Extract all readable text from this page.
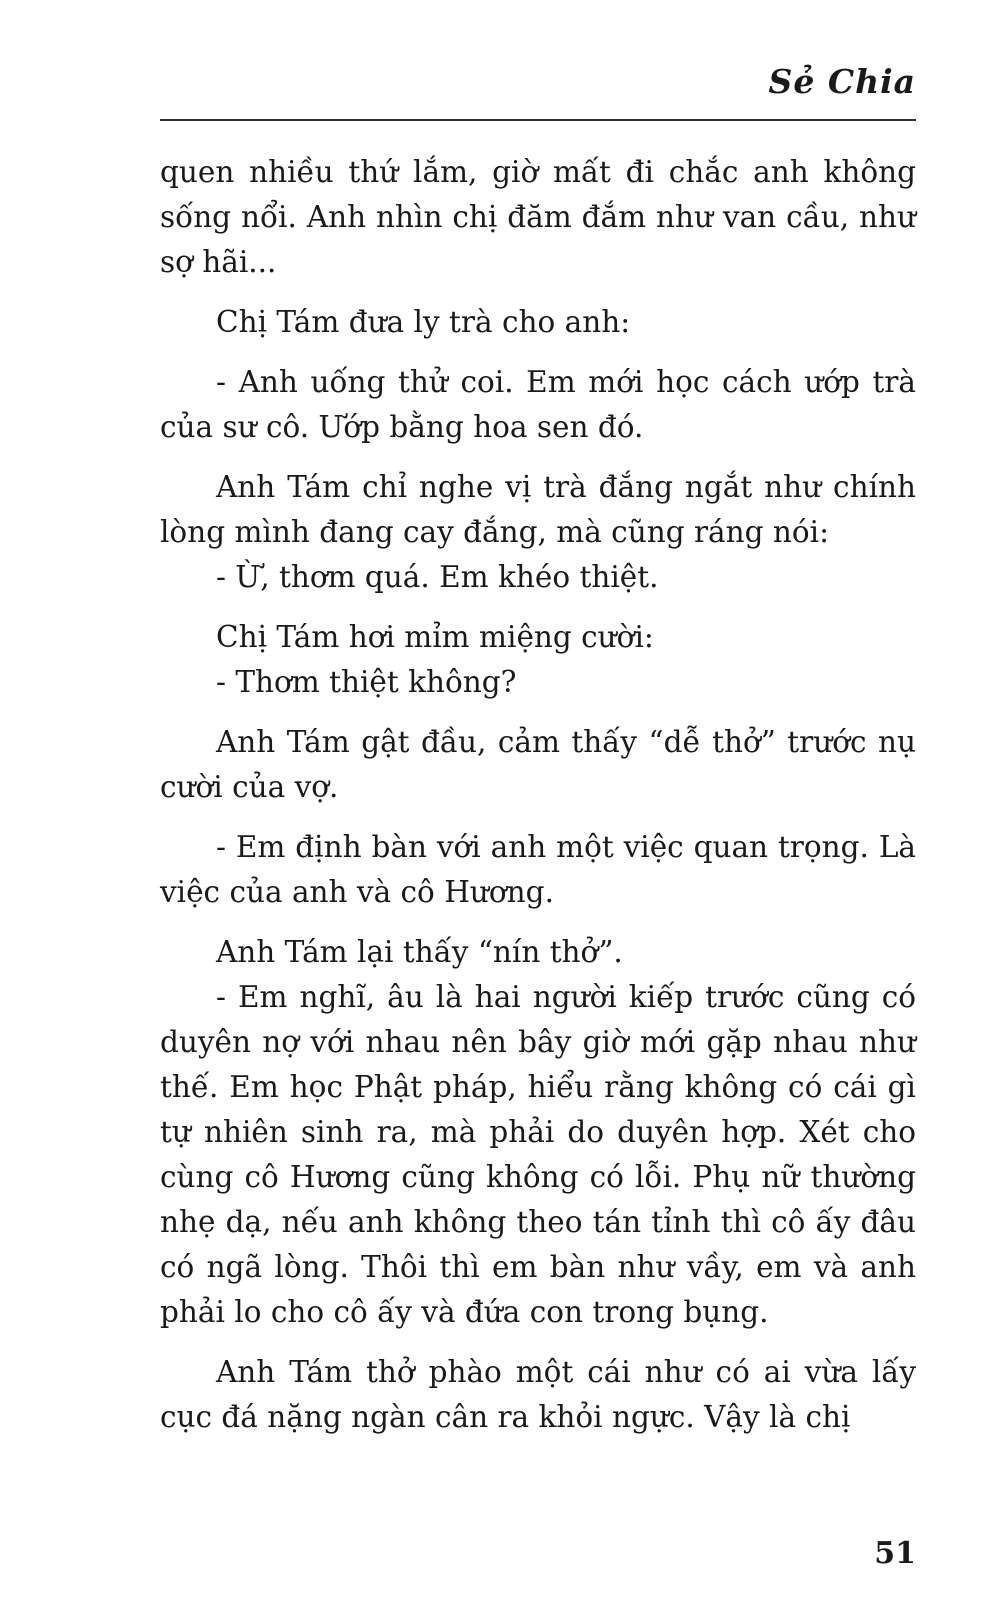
Sẻ Chia

quen nhiều thứ lắm, giờ mất đi chắc anh không sống nổi. Anh nhìn chị đăm đắm như van cầu, như sợ hãi...

Chị Tám đưa ly trà cho anh:

- Anh uống thử coi. Em mới học cách ướp trà của sư cô. Ướp bằng hoa sen đó.

Anh Tám chỉ nghe vị trà đắng ngắt như chính lòng mình đang cay đắng, mà cũng ráng nói:

- Ừ, thơm quá. Em khéo thiệt.

Chị Tám hơi mỉm miệng cười:

- Thơm thiệt không?

Anh Tám gật đầu, cảm thấy “dễ thở” trước nụ cười của vợ.

- Em định bàn với anh một việc quan trọng. Là việc của anh và cô Hương.

Anh Tám lại thấy “nín thở”.

- Em nghĩ, âu là hai người kiếp trước cũng có duyên nợ với nhau nên bây giờ mới gặp nhau như thế. Em học Phật pháp, hiểu rằng không có cái gì tự nhiên sinh ra, mà phải do duyên hợp. Xét cho cùng cô Hương cũng không có lỗi. Phụ nữ thường nhẹ dạ, nếu anh không theo tán tỉnh thì cô ấy đâu có ngã lòng. Thôi thì em bàn như vầy, em và anh phải lo cho cô ấy và đứa con trong bụng.

Anh Tám thở phào một cái như có ai vừa lấy cục đá nặng ngàn cân ra khỏi ngực. Vậy là chị

51
